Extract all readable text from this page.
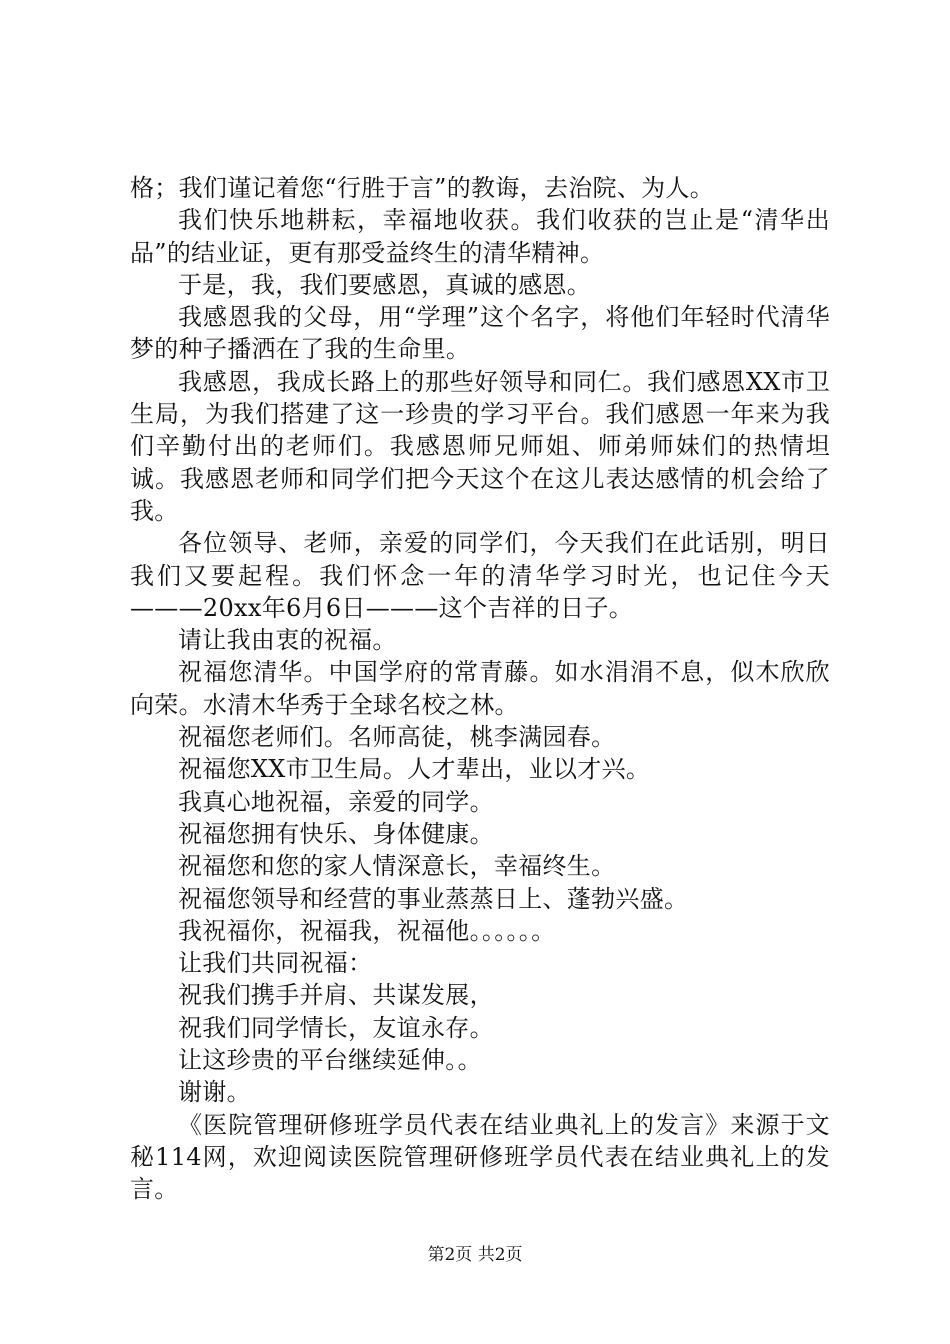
格；我们谨记着您“行胜于言”的教诲，去治院、为人。

我们快乐地耕耘，幸福地收获。我们收获的岂止是“清华出品”的结业证，更有那受益终生的清华精神。

于是，我，我们要感恩，真诚的感恩。

我感恩我的父母，用“学理”这个名字，将他们年轻时代清华梦的种子播洒在了我的生命里。

我感恩，我成长路上的那些好领导和同仁。我们感恩XX市卫生局，为我们搭建了这一珍贵的学习平台。我们感恩一年来为我们辛勤付出的老师们。我感恩师兄师姐、师弟师妹们的热情坦诚。我感恩老师和同学们把今天这个在这儿表达感情的机会给了我。

各位领导、老师，亲爱的同学们，今天我们在此话别，明日我们又要起程。我们怀念一年的清华学习时光，也记住今天———20xx年6月6日———这个吉祥的日子。

请让我由衷的祝福。

祝福您清华。中国学府的常青藤。如水涓涓不息，似木欣欣向荣。水清木华秀于全球名校之林。

祝福您老师们。名师高徒，桃李满园春。

祝福您XX市卫生局。人才辈出，业以才兴。

我真心地祝福，亲爱的同学。

祝福您拥有快乐、身体健康。

祝福您和您的家人情深意长，幸福终生。

祝福您领导和经营的事业蒸蒸日上、蓬勃兴盛。

我祝福你，祝福我，祝福他。。。。。。

让我们共同祝福：

祝我们携手并肩、共谋发展，

祝我们同学情长，友谊永存。

让这珍贵的平台继续延伸。。

谢谢。

《医院管理研修班学员代表在结业典礼上的发言》来源于文秘114网，欢迎阅读医院管理研修班学员代表在结业典礼上的发言。

第2页 共2页
